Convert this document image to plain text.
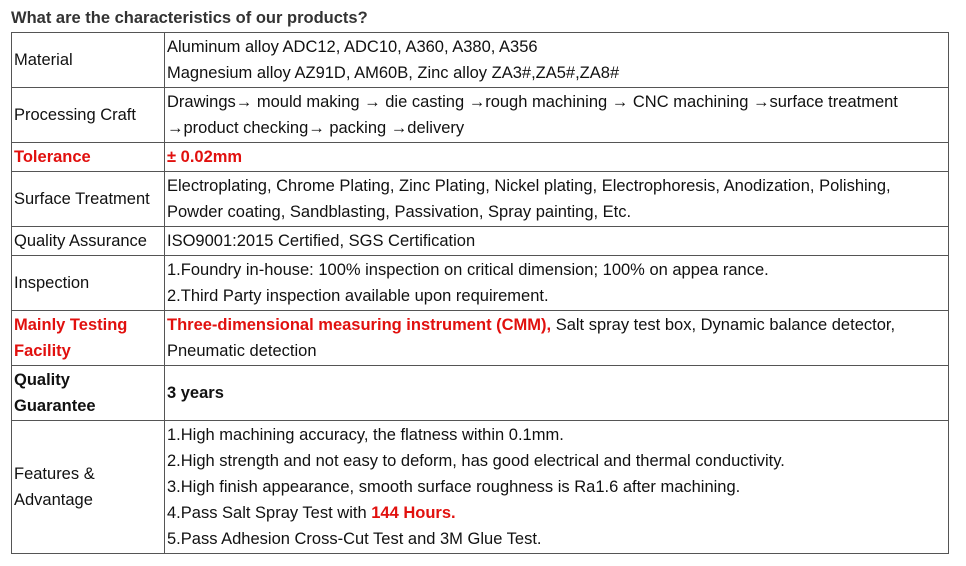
What are the characteristics of our products?
Material	Aluminum alloy ADC12, ADC10, A360, A380, A356
Magnesium alloy AZ91D, AM60B, Zinc alloy ZA3#,ZA5#,ZA8#

Processing Craft	Drawings→ mould making → die casting →rough machining → CNC machining →surface treatment
→product checking→ packing →delivery

Tolerance	± 0.02mm
Surface Treatment	Electroplating, Chrome Plating, Zinc Plating, Nickel plating, Electrophoresis, Anodization, Polishing,
Powder coating, Sandblasting, Passivation, Spray painting, Etc.

Quality Assurance	ISO9001:2015 Certified, SGS Certification
Inspection	1.Foundry in-house: 100% inspection on critical dimension; 100% on appea rance.
2.Third Party inspection available upon requirement.

Mainly Testing
Facility	Three-dimensional measuring instrument (CMM), Salt spray test box, Dynamic balance detector,
Pneumatic detection

Quality
Guarantee	3 years

Features &
Advantage	1.High machining accuracy, the flatness within 0.1mm.
2.High strength and not easy to deform, has good electrical and thermal conductivity.
3.High finish appearance, smooth surface roughness is Ra1.6 after machining.
4.Pass Salt Spray Test with 144 Hours.
5.Pass Adhesion Cross-Cut Test and 3M Glue Test.
